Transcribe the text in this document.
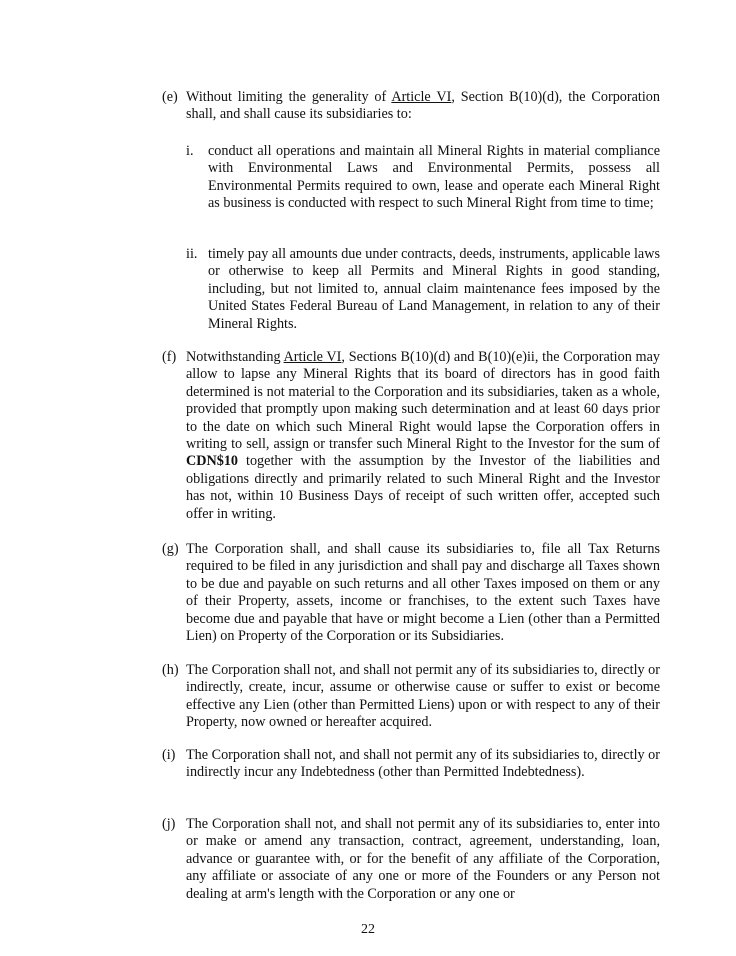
(e) Without limiting the generality of Article VI, Section B(10)(d), the Corporation shall, and shall cause its subsidiaries to:
i. conduct all operations and maintain all Mineral Rights in material compliance with Environmental Laws and Environmental Permits, possess all Environmental Permits required to own, lease and operate each Mineral Right as business is conducted with respect to such Mineral Right from time to time;
ii. timely pay all amounts due under contracts, deeds, instruments, applicable laws or otherwise to keep all Permits and Mineral Rights in good standing, including, but not limited to, annual claim maintenance fees imposed by the United States Federal Bureau of Land Management, in relation to any of their Mineral Rights.
(f) Notwithstanding Article VI, Sections B(10)(d) and B(10)(e)ii, the Corporation may allow to lapse any Mineral Rights that its board of directors has in good faith determined is not material to the Corporation and its subsidiaries, taken as a whole, provided that promptly upon making such determination and at least 60 days prior to the date on which such Mineral Right would lapse the Corporation offers in writing to sell, assign or transfer such Mineral Right to the Investor for the sum of CDN$10 together with the assumption by the Investor of the liabilities and obligations directly and primarily related to such Mineral Right and the Investor has not, within 10 Business Days of receipt of such written offer, accepted such offer in writing.
(g) The Corporation shall, and shall cause its subsidiaries to, file all Tax Returns required to be filed in any jurisdiction and shall pay and discharge all Taxes shown to be due and payable on such returns and all other Taxes imposed on them or any of their Property, assets, income or franchises, to the extent such Taxes have become due and payable that have or might become a Lien (other than a Permitted Lien) on Property of the Corporation or its Subsidiaries.
(h) The Corporation shall not, and shall not permit any of its subsidiaries to, directly or indirectly, create, incur, assume or otherwise cause or suffer to exist or become effective any Lien (other than Permitted Liens) upon or with respect to any of their Property, now owned or hereafter acquired.
(i) The Corporation shall not, and shall not permit any of its subsidiaries to, directly or indirectly incur any Indebtedness (other than Permitted Indebtedness).
(j) The Corporation shall not, and shall not permit any of its subsidiaries to, enter into or make or amend any transaction, contract, agreement, understanding, loan, advance or guarantee with, or for the benefit of any affiliate of the Corporation, any affiliate or associate of any one or more of the Founders or any Person not dealing at arm's length with the Corporation or any one or
22
